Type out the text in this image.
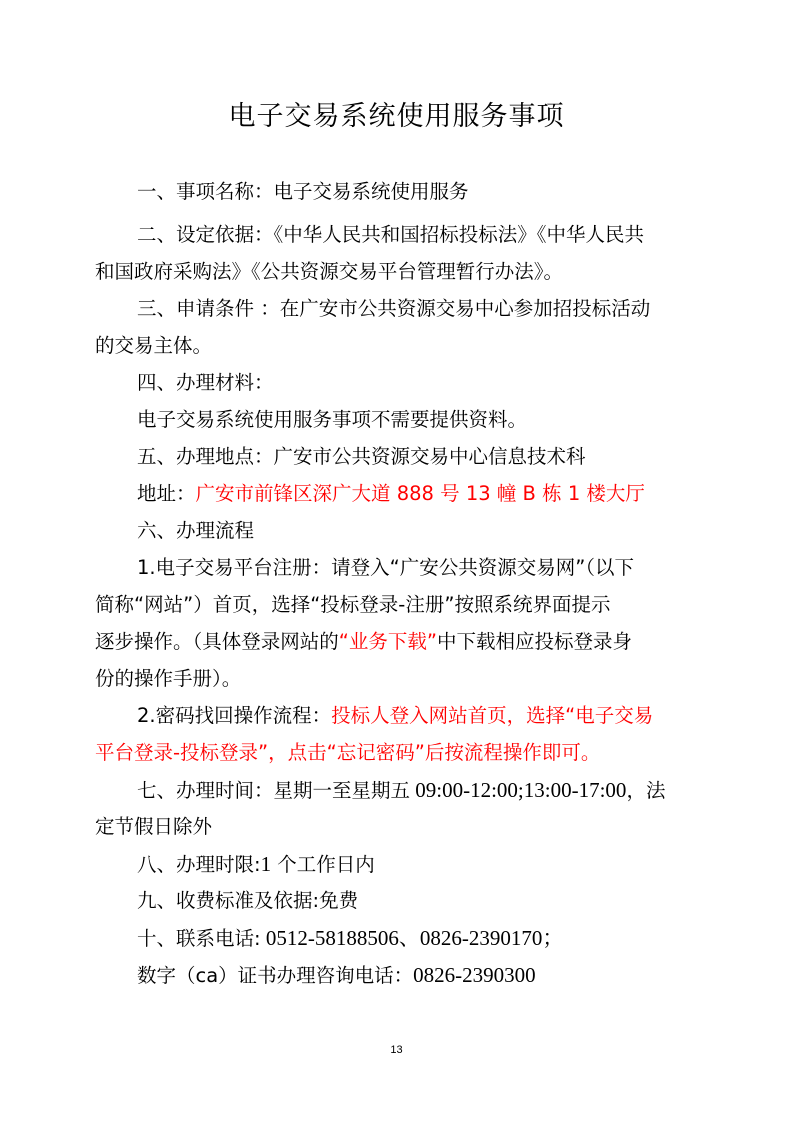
电子交易系统使用服务事项
一、事项名称：电子交易系统使用服务
二、设定依据：《中华人民共和国招标投标法》《中华人民共
和国政府采购法》《公共资源交易平台管理暂行办法》。
三、申请条件 ：在广安市公共资源交易中心参加招投标活动
的交易主体。
四、办理材料：
电子交易系统使用服务事项不需要提供资料。
五、办理地点：广安市公共资源交易中心信息技术科
地址：广安市前锋区深广大道 888 号 13 幢 B 栋 1 楼大厅
六、办理流程
1.电子交易平台注册：请登入“广安公共资源交易网”（以下
简称“网站”）首页，选择“投标登录-注册”按照系统界面提示
逐步操作。（具体登录网站的“业务下载”中下载相应投标登录身
份的操作手册）。
2.密码找回操作流程：投标人登入网站首页，选择“电子交易
平台登录-投标登录”，点击“忘记密码”后按流程操作即可。
七、办理时间：星期一至星期五 09:00-12:00;13:00-17:00，法
定节假日除外
八、办理时限:1 个工作日内
九、收费标准及依据:免费
十、联系电话: 0512-58188506、0826-2390170；
数字（ca）证书办理咨询电话：0826-2390300
13
